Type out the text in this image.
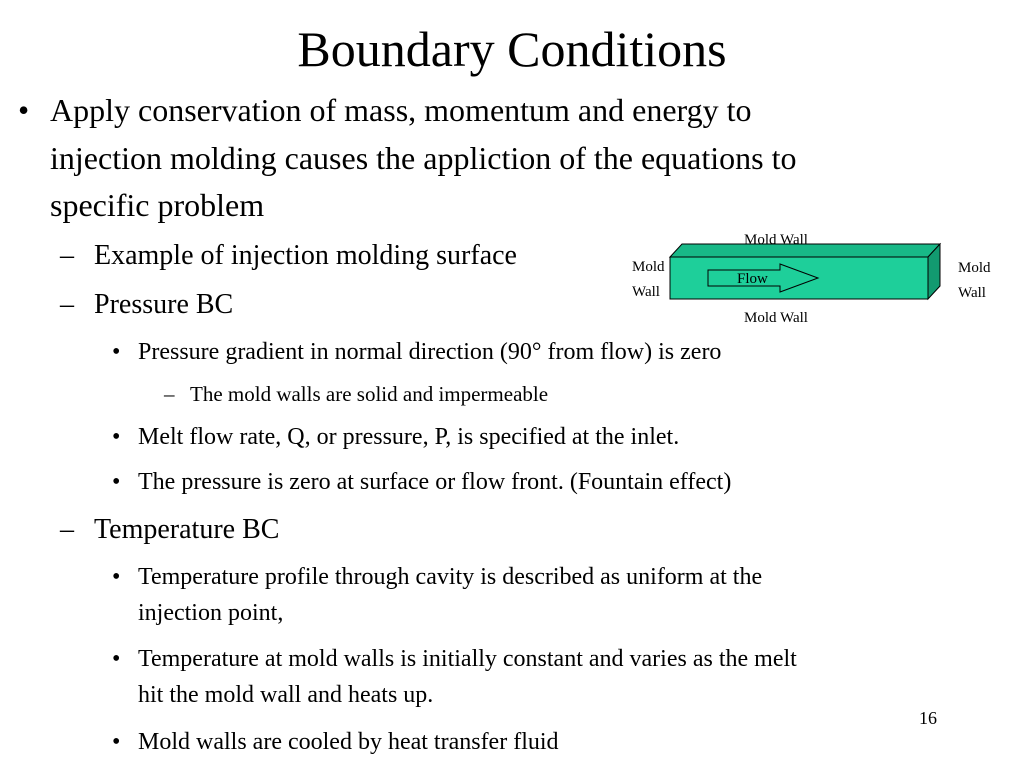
Boundary Conditions
• Apply conservation of mass, momentum and energy to
injection molding causes the appliction of the equations to
specific problem
– Example of injection molding surface
– Pressure BC
• Pressure gradient in normal direction (90° from flow) is zero
– The mold walls are solid and impermeable
• Melt flow rate, Q, or pressure, P, is specified at the inlet.
• The pressure is zero at surface or flow front. (Fountain effect)
– Temperature BC
• Temperature profile through cavity is described as uniform at the
injection point,
• Temperature at mold walls is initially constant and varies as the melt
hit the mold wall and heats up.
• Mold walls are cooled by heat transfer fluid
Mold Wall
Mold Wall
Mold
Wall
Mold
Wall
Flow
16
